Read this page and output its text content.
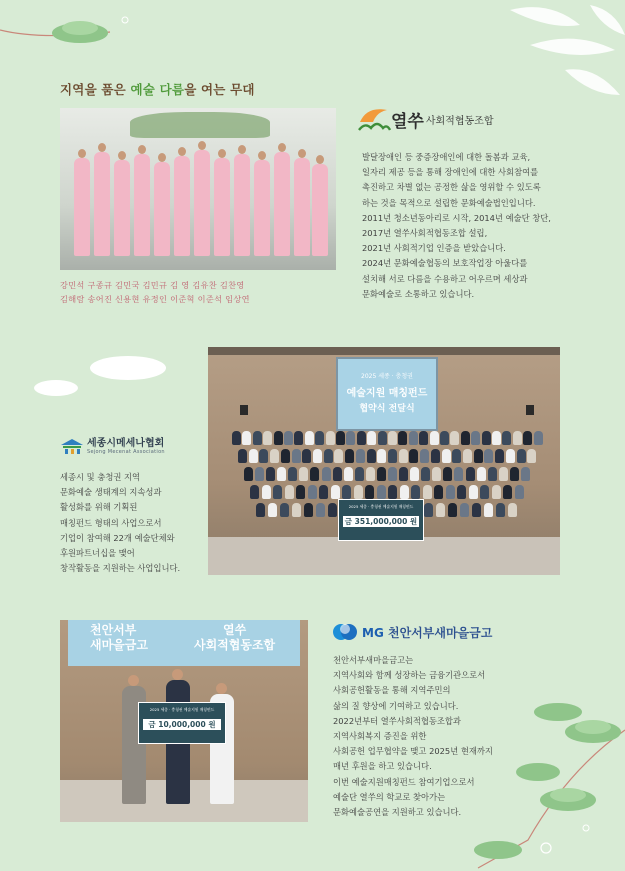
지역을 품은 예술 다름을 여는 무대
강민석 구종규 김민국 김민규 김 영 김유찬 김찬영
김해람 송어진 신용현 유정인 이준혁 이준석 임상연
열쑤 사회적협동조합
발달장애인 등 중증장애인에 대한 돌봄과 교육,
일자리 제공 등을 통해 장애인에 대한 사회참여를
촉진하고 차별 없는 공정한 삶을 영위할 수 있도록
하는 것을 목적으로 설립한 문화예술법인입니다.
2011년 청소년동아리로 시작, 2014년 예술단 창단,
2017년 열쑤사회적협동조합 설립,
2021년 사회적기업 인증을 받았습니다.
2024년 문화예술협동의 보호작업장 아울다를
설치해 서로 다름을 수용하고 어우르며 세상과
문화예술로 소통하고 있습니다.
2025 세종 · 충청권
예술지원 매칭펀드
협약식 전달식
2025 세종 · 충청권 예술지원 매칭펀드
금 351,000,000 원
세종시메세나협회
Sejong Mecenat Association
세종시 및 충청권 지역
문화예술 생태계의 지속성과
활성화를 위해 기획된
매칭펀드 형태의 사업으로서
기업이 참여해 22개 예술단체와
후원파트너십을 맺어
창작활동을 지원하는 사업입니다.
천안서부
새마을금고
열쑤
사회적협동조합
2025 세종 · 충청권 예술지원 매칭펀드
금 10,000,000 원
MG 천안서부새마을금고
천안서부새마을금고는
지역사회와 함께 성장하는 금융기관으로서
사회공헌활동을 통해 지역주민의
삶의 질 향상에 기여하고 있습니다.
2022년부터 열쑤사회적협동조합과
지역사회복지 증진을 위한
사회공헌 업무협약을 맺고 2025년 현재까지
매년 후원을 하고 있습니다.
이번 예술지원매칭펀드 참여기업으로서
예술단 열쑤의 학교로 찾아가는
문화예술공연을 지원하고 있습니다.
